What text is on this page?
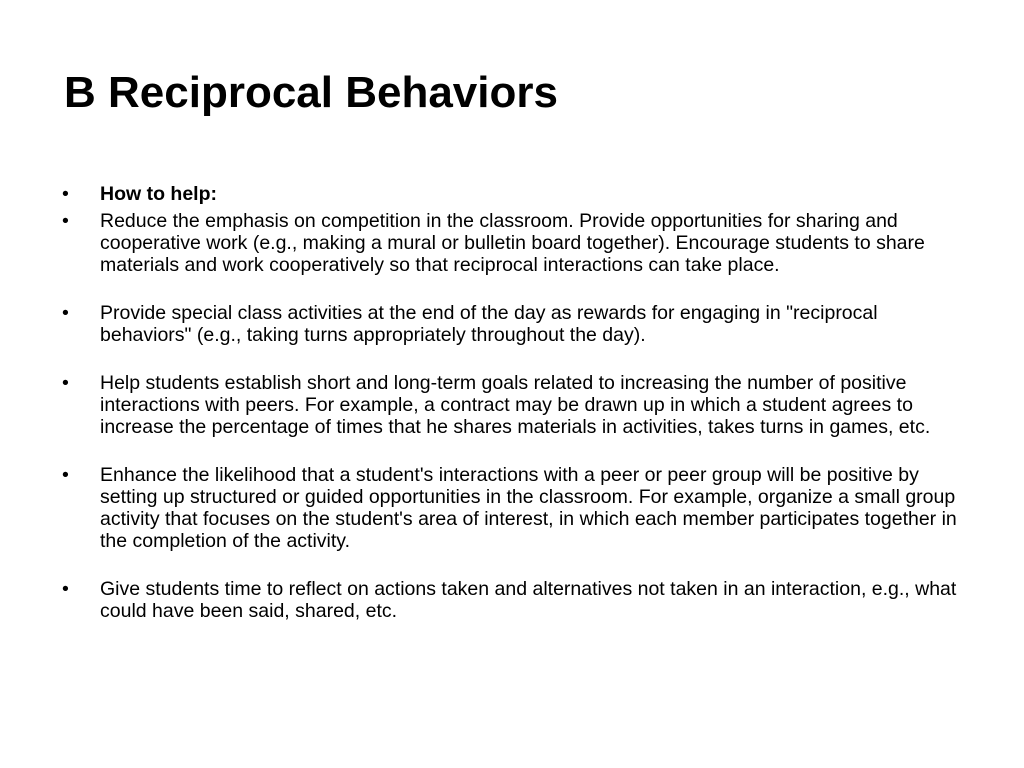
B Reciprocal Behaviors
•	How to help:
•	Reduce the emphasis on competition in the classroom. Provide opportunities for sharing and cooperative work (e.g., making a mural or bulletin board together). Encourage students to share materials and work cooperatively so that reciprocal interactions can take place.
•	Provide special class activities at the end of the day as rewards for engaging in "reciprocal behaviors" (e.g., taking turns appropriately throughout the day).
•	Help students establish short and long-term goals related to increasing the number of positive interactions with peers. For example, a contract may be drawn up in which a student agrees to increase the percentage of times that he shares materials in activities, takes turns in games, etc.
•	Enhance the likelihood that a student's interactions with a peer or peer group will be positive by setting up structured or guided opportunities in the classroom. For example, organize a small group activity that focuses on the student's area of interest, in which each member participates together in the completion of the activity.
•	Give students time to reflect on actions taken and alternatives not taken in an interaction, e.g., what could have been said, shared, etc.
